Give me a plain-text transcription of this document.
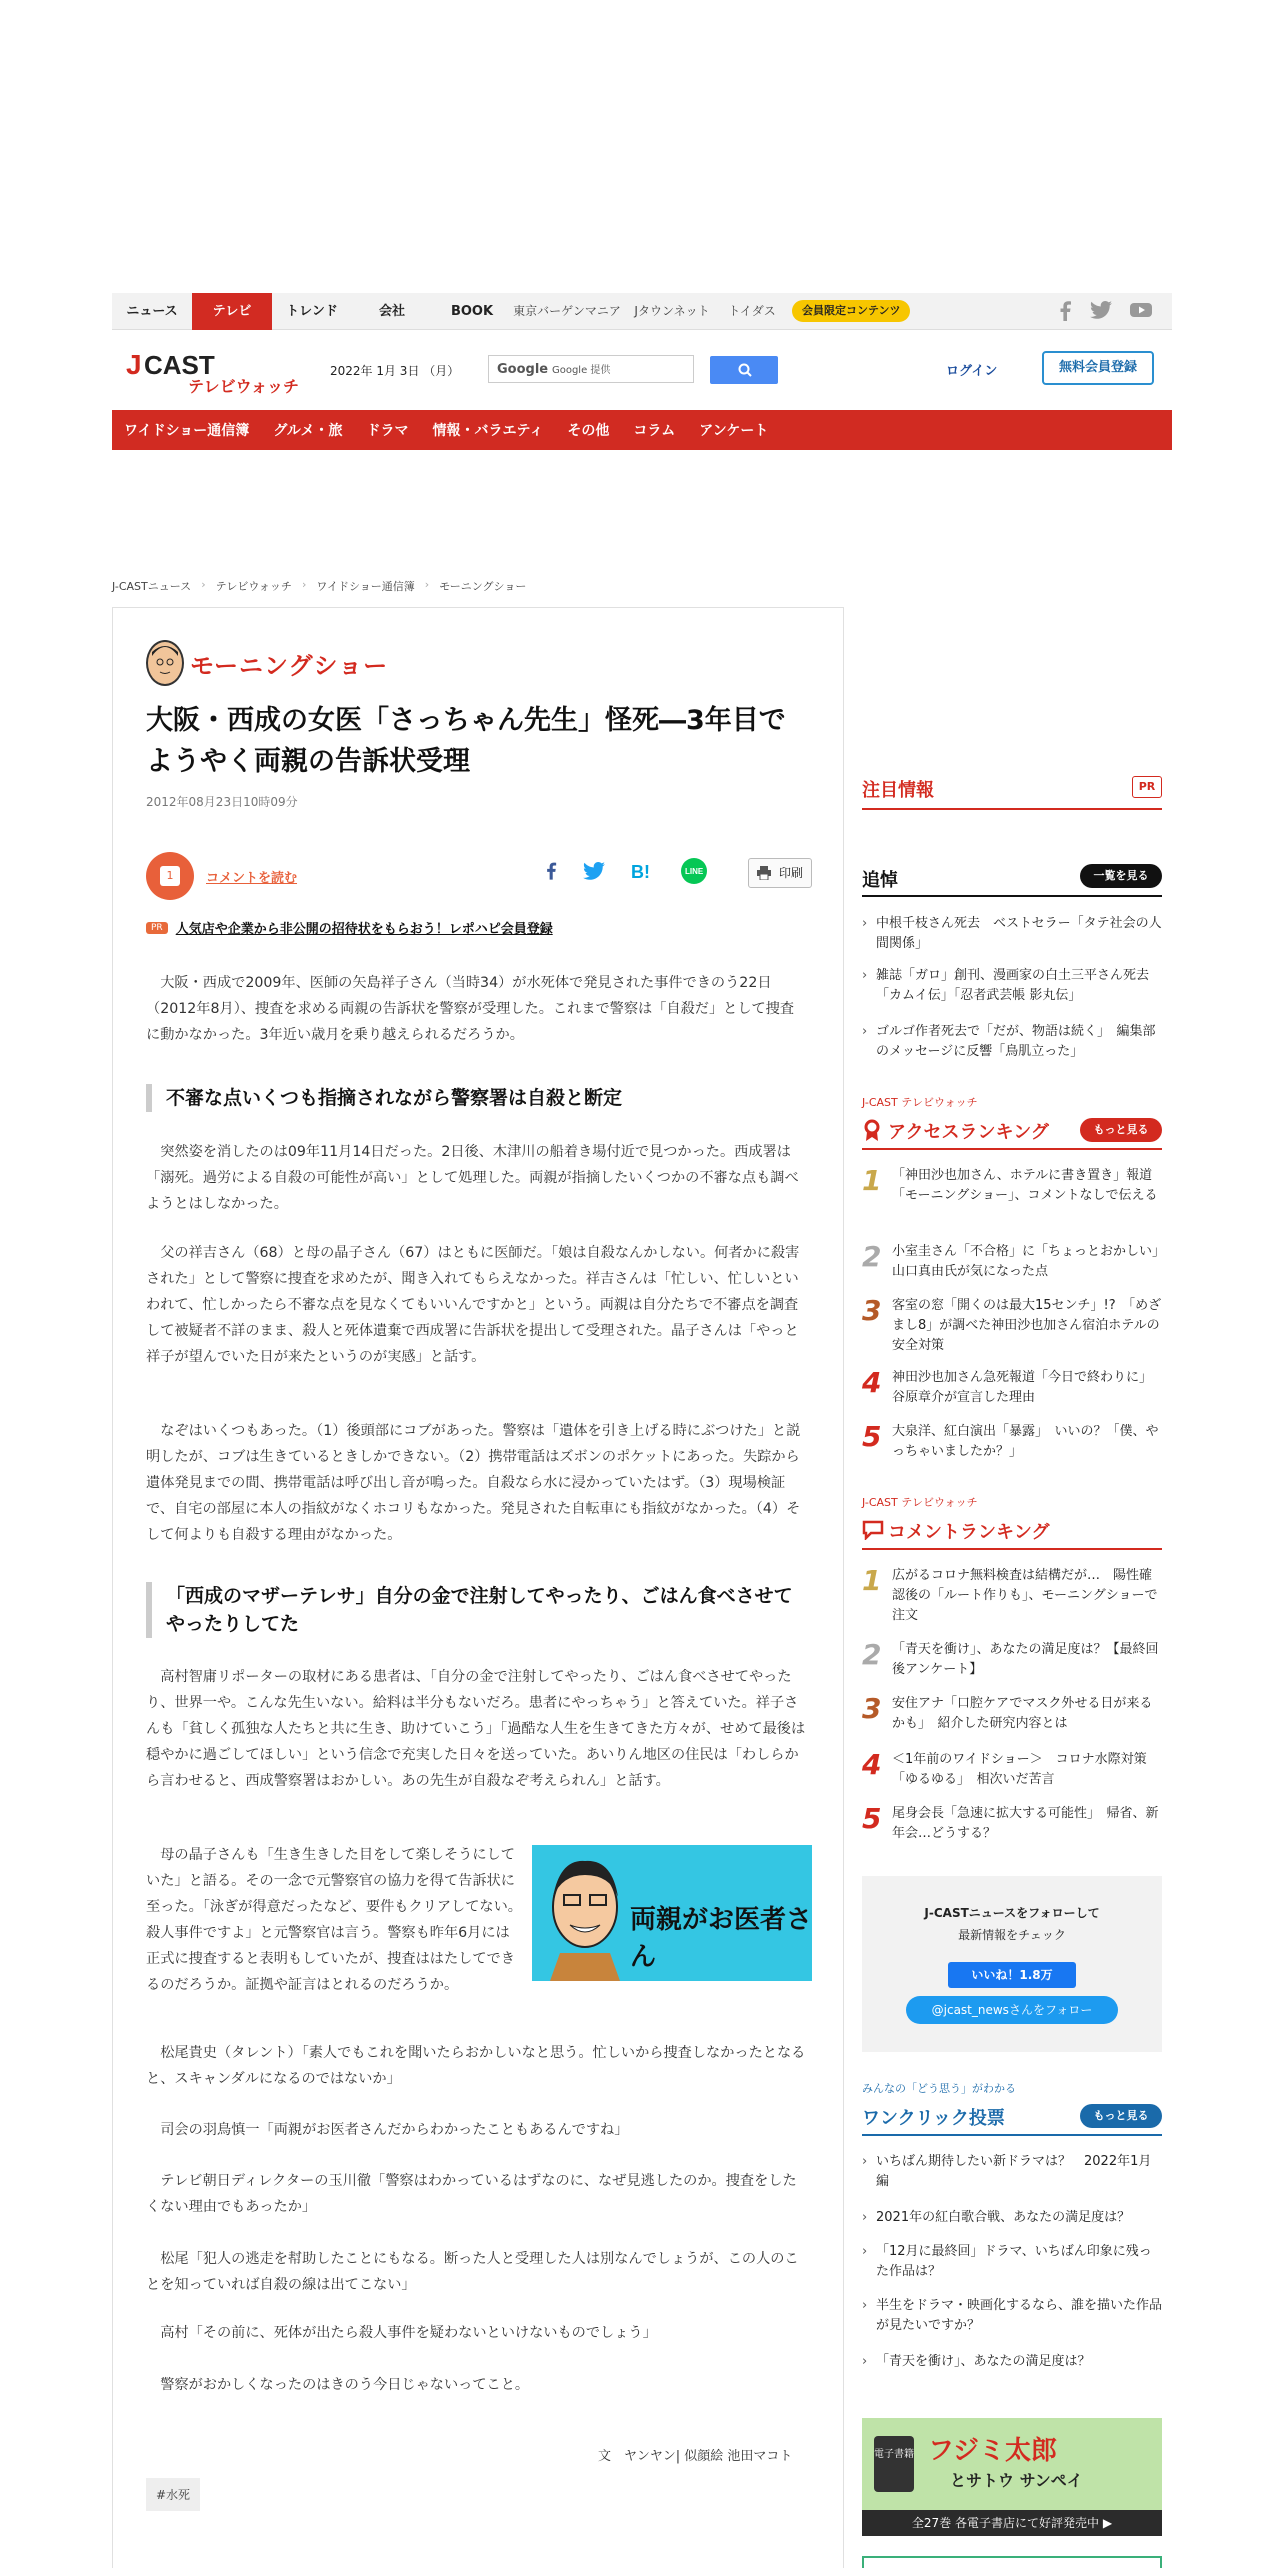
ニュース	テレビ	トレンド	会社	BOOK	東京バーゲンマニア	Jタウンネット	トイダス	会員限定コンテンツ
J CAST
テレビウォッチ
2022年 1月 3日 （月）	Google Google 提供	ログイン	無料会員登録
ワイドショー通信簿 グルメ・旅 ドラマ 情報・バラエティ その他 コラム アンケート
J-CASTニュース › テレビウォッチ › ワイドショー通信簿 › モーニングショー
モーニングショー
大阪・西成の女医「さっちゃん先生」怪死―3年目でようやく両親の告訴状受理
2012年08月23日10時09分
1	コメントを読む	B!	LINE	印刷
PR	人気店や企業から非公開の招待状をもらおう！レポハピ会員登録

大阪・西成で2009年、医師の矢島祥子さん（当時34）が水死体で発見された事件できのう22日（2012年8月）、捜査を求める両親の告訴状を警察が受理した。これまで警察は「自殺だ」として捜査に動かなかった。3年近い歳月を乗り越えられるだろうか。

不審な点いくつも指摘されながら警察署は自殺と断定

突然姿を消したのは09年11月14日だった。2日後、木津川の船着き場付近で見つかった。西成署は「溺死。過労による自殺の可能性が高い」として処理した。両親が指摘したいくつかの不審な点も調べようとはしなかった。

父の祥吉さん（68）と母の晶子さん（67）はともに医師だ。「娘は自殺なんかしない。何者かに殺害された」として警察に捜査を求めたが、聞き入れてもらえなかった。祥吉さんは「忙しい、忙しいといわれて、忙しかったら不審な点を見なくてもいいんですかと」という。両親は自分たちで不審点を調査して被疑者不詳のまま、殺人と死体遺棄で西成署に告訴状を提出して受理された。晶子さんは「やっと祥子が望んでいた日が来たというのが実感」と話す。

なぞはいくつもあった。（1）後頭部にコブがあった。警察は「遺体を引き上げる時にぶつけた」と説明したが、コブは生きているときしかできない。（2）携帯電話はズボンのポケットにあった。失踪から遺体発見までの間、携帯電話は呼び出し音が鳴った。自殺なら水に浸かっていたはず。（3）現場検証で、自宅の部屋に本人の指紋がなくホコリもなかった。発見された自転車にも指紋がなかった。（4）そして何よりも自殺する理由がなかった。

「西成のマザーテレサ」自分の金で注射してやったり、ごはん食べさせてやったりしてた

高村智庸リポーターの取材にある患者は、「自分の金で注射してやったり、ごはん食べさせてやったり、世界一や。こんな先生いない。給料は半分もないだろ。患者にやっちゃう」と答えていた。祥子さんも「貧しく孤独な人たちと共に生き、助けていこう」「過酷な人生を生きてきた方々が、せめて最後は穏やかに過ごしてほしい」という信念で充実した日々を送っていた。あいりん地区の住民は「わしらから言わせると、西成警察署はおかしい。あの先生が自殺なぞ考えられん」と話す。

母の晶子さんも「生き生きした目をして楽しそうにしていた」と語る。その一念で元警察官の協力を得て告訴状に至った。「泳ぎが得意だったなど、要件もクリアしてない。殺人事件ですよ」と元警察官は言う。警察も昨年6月には正式に捜査すると表明もしていたが、捜査ははたしてできるのだろうか。証拠や証言はとれるのだろうか。

両親がお医者さん

松尾貴史（タレント）「素人でもこれを聞いたらおかしいなと思う。忙しいから捜査しなかったとなると、スキャンダルになるのではないか」

司会の羽鳥慎一「両親がお医者さんだからわかったこともあるんですね」

テレビ朝日ディレクターの玉川徹「警察はわかっているはずなのに、なぜ見逃したのか。捜査をしたくない理由でもあったか」

松尾「犯人の逃走を幇助したことにもなる。断った人と受理した人は別なんでしょうが、この人のことを知っていれば自殺の線は出てこない」

高村「その前に、死体が出たら殺人事件を疑わないといけないものでしょう」

警察がおかしくなったのはきのう今日じゃないってこと。

文　ヤンヤン| 似顔絵 池田マコト
#水死
注目情報	PR
追悼	一覧を見る
› 中根千枝さん死去　ベストセラー「タテ社会の人間関係」
› 雑誌「ガロ」創刊、漫画家の白土三平さん死去　「カムイ伝」「忍者武芸帳 影丸伝」
› ゴルゴ作者死去で「だが、物語は続く」　編集部のメッセージに反響「鳥肌立った」
J-CAST テレビウォッチ
アクセスランキング	もっと見る
1 「神田沙也加さん、ホテルに書き置き」報道　「モーニングショー」、コメントなしで伝える
2 小室圭さん「不合格」に「ちょっとおかしい」　山口真由氏が気になった点
3 客室の窓「開くのは最大15センチ」!?　「めざまし8」が調べた神田沙也加さん宿泊ホテルの安全対策
4 神田沙也加さん急死報道「今日で終わりに」　谷原章介が宣言した理由
5 大泉洋、紅白演出「暴露」　いいの？「僕、やっちゃいましたか？」
J-CAST テレビウォッチ
コメントランキング
1 広がるコロナ無料検査は結構だが…　陽性確認後の「ルート作りも」、モーニングショーで注文
2 「青天を衝け」、あなたの満足度は？【最終回後アンケート】
3 安住アナ「口腔ケアでマスク外せる日が来るかも」　紹介した研究内容とは
4 ＜1年前のワイドショー＞　コロナ水際対策「ゆるゆる」　相次いだ苦言
5 尾身会長「急速に拡大する可能性」　帰省、新年会…どうする？
J-CASTニュースをフォローして
最新情報をチェック
いいね！1.8万
@jcast_newsさんをフォロー
みんなの「どう思う」がわかる
ワンクリック投票	もっと見る
› いちばん期待したい新ドラマは？　2022年1月編
› 2021年の紅白歌合戦、あなたの満足度は？
› 「12月に最終回」ドラマ、いちばん印象に残った作品は？
› 半生をドラマ・映画化するなら、誰を描いた作品が見たいですか？
› 「青天を衝け」、あなたの満足度は？
電子書籍 フジミ太郎
とサトウ サンペイ
全27巻 各電子書店にて好評発売中 ▶
